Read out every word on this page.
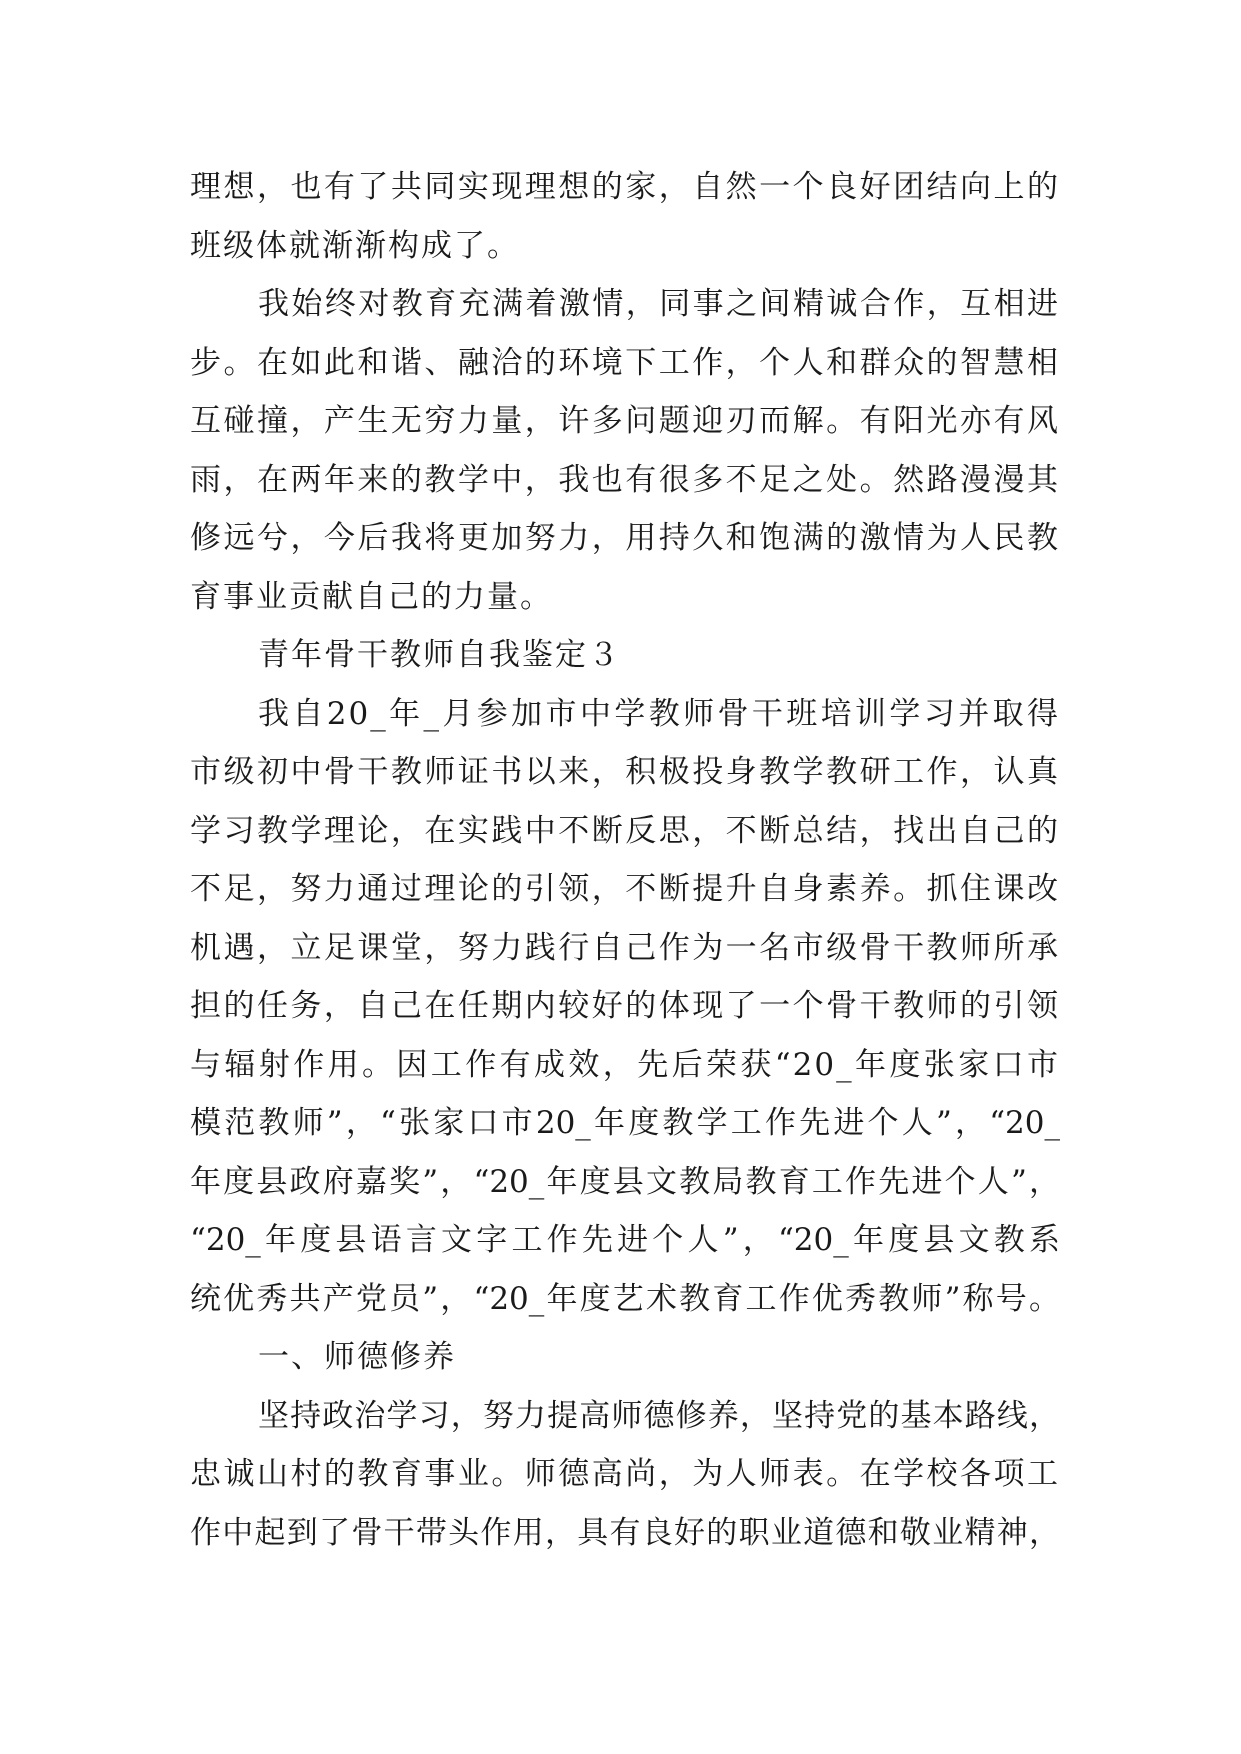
理想，也有了共同实现理想的家，自然一个良好团结向上的
班级体就渐渐构成了。
我始终对教育充满着激情，同事之间精诚合作，互相进
步。在如此和谐、融洽的环境下工作，个人和群众的智慧相
互碰撞，产生无穷力量，许多问题迎刃而解。有阳光亦有风
雨，在两年来的教学中，我也有很多不足之处。然路漫漫其
修远兮，今后我将更加努力，用持久和饱满的激情为人民教
育事业贡献自己的力量。
青年骨干教师自我鉴定３
我自20_年_月参加市中学教师骨干班培训学习并取得
市级初中骨干教师证书以来，积极投身教学教研工作，认真
学习教学理论，在实践中不断反思，不断总结，找出自己的
不足，努力通过理论的引领，不断提升自身素养。抓住课改
机遇，立足课堂，努力践行自己作为一名市级骨干教师所承
担的任务，自己在任期内较好的体现了一个骨干教师的引领
与辐射作用。因工作有成效，先后荣获“20_年度张家口市
模范教师”，“张家口市20_年度教学工作先进个人”，“20_
年度县政府嘉奖”，“20_年度县文教局教育工作先进个人”，
“20_年度县语言文字工作先进个人”，“20_年度县文教系
统优秀共产党员”，“20_年度艺术教育工作优秀教师”称号。
一、师德修养
坚持政治学习，努力提高师德修养，坚持党的基本路线，
忠诚山村的教育事业。师德高尚，为人师表。在学校各项工
作中起到了骨干带头作用，具有良好的职业道德和敬业精神，
